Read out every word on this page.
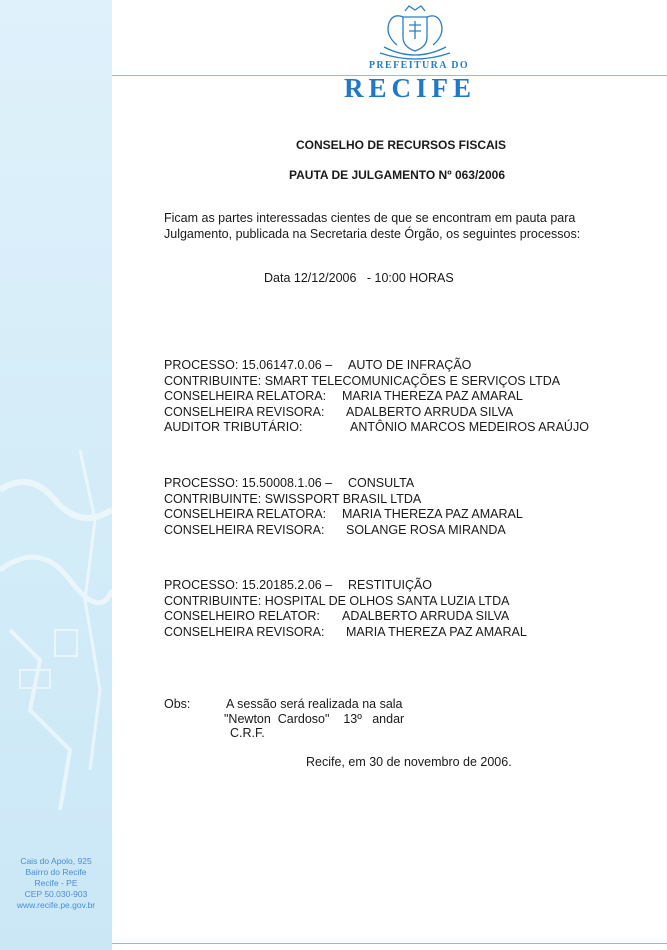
PREFEITURA DO
RECIFE
CONSELHO DE RECURSOS FISCAIS
PAUTA DE JULGAMENTO Nº 063/2006
Ficam as partes interessadas cientes de que se encontram em pauta para
Julgamento, publicada na Secretaria deste Órgão, os seguintes processos:
Data 12/12/2006   - 10:00 HORAS
PROCESSO: 15.06147.0.06 – AUTO DE INFRAÇÃO
CONTRIBUINTE: SMART TELECOMUNICAÇÕES E SERVIÇOS LTDA
CONSELHEIRA RELATORA: MARIA THEREZA PAZ AMARAL
CONSELHEIRA REVISORA: ADALBERTO ARRUDA SILVA
AUDITOR TRIBUTÁRIO:	ANTÔNIO MARCOS MEDEIROS ARAÚJO
PROCESSO: 15.50008.1.06 – CONSULTA
CONTRIBUINTE: SWISSPORT BRASIL LTDA
CONSELHEIRA RELATORA: MARIA THEREZA PAZ AMARAL
CONSELHEIRA REVISORA: SOLANGE ROSA MIRANDA
PROCESSO: 15.20185.2.06 – RESTITUIÇÃO
CONTRIBUINTE: HOSPITAL DE OLHOS SANTA LUZIA LTDA
CONSELHEIRO RELATOR: ADALBERTO ARRUDA SILVA
CONSELHEIRA REVISORA: MARIA THEREZA PAZ AMARAL
Obs:	A sessão será realizada na sala
"Newton  Cardoso"    13º   andar
C.R.F.
Recife, em 30 de novembro de 2006.
Cais do Apolo, 925
Bairro do Recife
Recife - PE
CEP 50.030-903
www.recife.pe.gov.br
